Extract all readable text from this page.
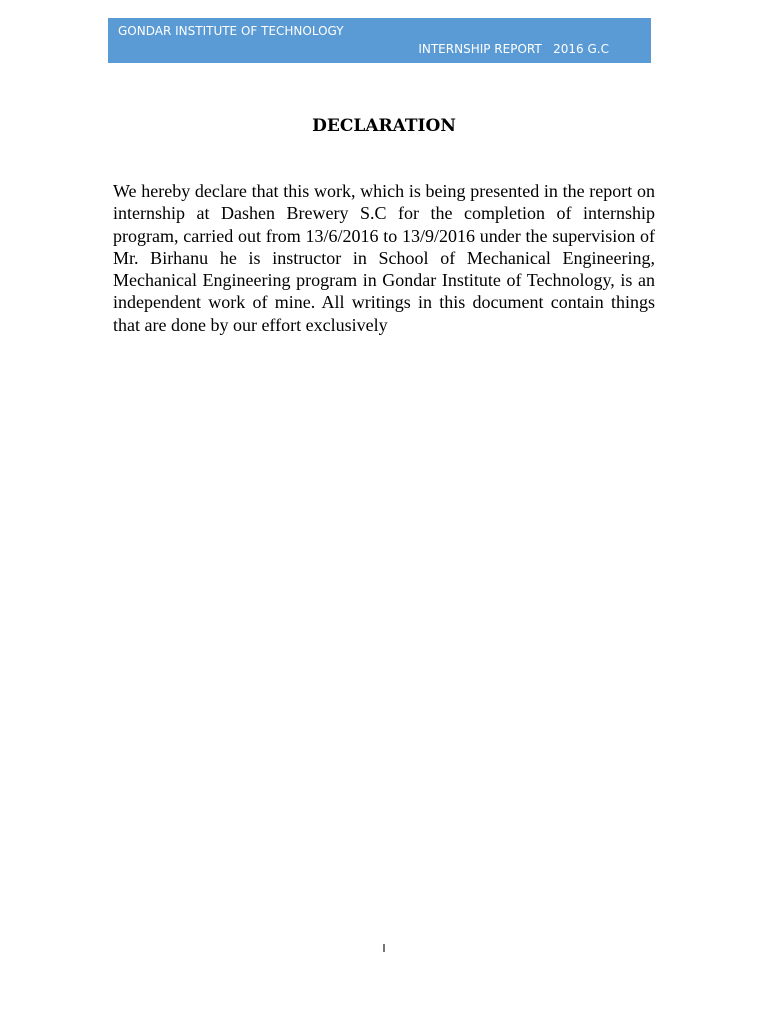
GONDAR INSTITUTE OF TECHNOLOGY
INTERNSHIP REPORT   2016 G.C
DECLARATION

We hereby declare that this work, which is being presented in the report on internship at Dashen Brewery S.C for the completion of internship program, carried out from 13/6/2016 to 13/9/2016 under the supervision of Mr. Birhanu he is instructor in School of Mechanical Engineering, Mechanical Engineering program in Gondar Institute of Technology, is an independent work of mine. All writings in this document contain things that are done by our effort exclusively

I
